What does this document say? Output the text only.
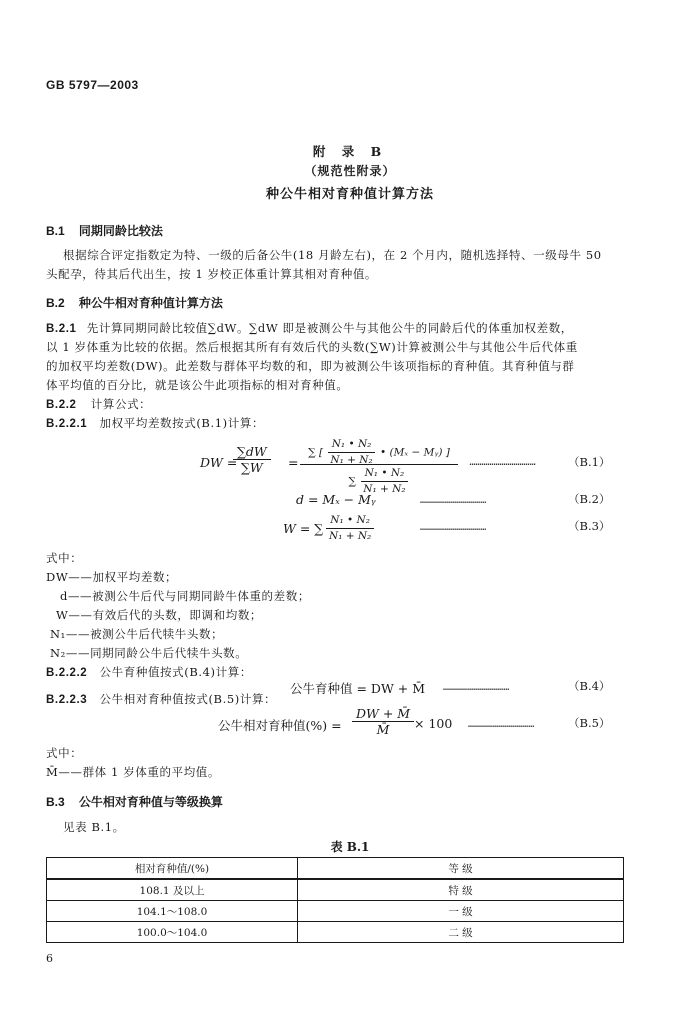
GB 5797—2003
附 录 B
（规范性附录）
种公牛相对育种值计算方法
B.1 同期同龄比较法
根据综合评定指数定为特、一级的后备公牛(18 月龄左右)，在 2 个月内，随机选择特、一级母牛 50
头配孕，待其后代出生，按 1 岁校正体重计算其相对育种值。
B.2 种公牛相对育种值计算方法
B.2.1 先计算同期同龄比较值∑dW。∑dW 即是被测公牛与其他公牛的同龄后代的体重加权差数，
以 1 岁体重为比较的依据。然后根据其所有有效后代的头数(∑W)计算被测公牛与其他公牛后代体重
的加权平均差数(DW)。此差数与群体平均数的和，即为被测公牛该项指标的育种值。其育种值与群
体平均值的百分比，就是该公牛此项指标的相对育种值。
B.2.2 计算公式：
B.2.2.1 加权平均差数按式(B.1)计算：
DW =
$\frac{\sum dW}{\sum W}$ =
∑ [ $\frac{\text{N₁ • N₂}}{\text{N₁ + N₂}}$ • (Mₓ − Mᵧ) ]
∑ $\frac{\text{N₁ • N₂}}{\text{N₁ + N₂}}$
……………………………	（B.1）
d = Mₓ − Mᵧ	……………………………	（B.2）
W = ∑ $\frac{\text{N₁ • N₂}}{\text{N₁ + N₂}}$	……………………………	（B.3）
式中：
DW——加权平均差数；
d——被测公牛后代与同期同龄牛体重的差数；
W——有效后代的头数，即调和均数；
N₁——被测公牛后代犊牛头数；
N₂——同期同龄公牛后代犊牛头数。
B.2.2.2 公牛育种值按式(B.4)计算：
公牛育种值 = DW + M̄ ……………………………	（B.4）
B.2.2.3 公牛相对育种值按式(B.5)计算：
公牛相对育种值(%) = $\frac{DW + M̄}{M̄} \times 100$ ……………………………	（B.5）
式中：
M̄——群体 1 岁体重的平均值。
B.3 公牛相对育种值与等级换算
见表 B.1。
表 B.1
相对育种值/(%)	等 级
108.1 及以上	特 级
104.1～108.0	一 级
100.0～104.0	二 级
6
